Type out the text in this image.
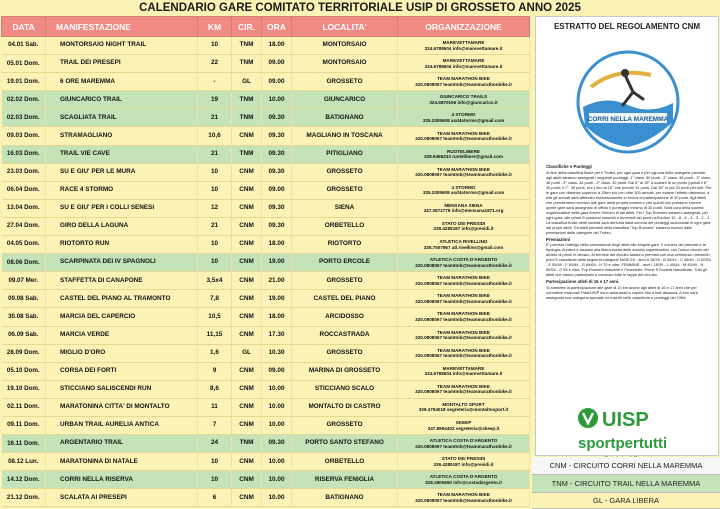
CALENDARIO GARE COMITATO TERRITORIALE USIP DI GROSSETO ANNO 2025
DATA	MANIFESTAZIONE	KM	CIR.	ORA	LOCALITA'	ORGANIZZAZIONE
04.01 Sab.	MONTORSAIO NIGHT TRAIL	10	TNM	18.00	MONTORSAIO	MAREVETTAMARE
334.6788604 info@marevettamare.it

05.01 Dom.	TRAIL DEI PRESEPI	22	TNM	09.00	MONTORSAIO	MAREVETTAMARE
334.6788604 info@marevettamare.it

19.01 Dom.	6 ORE MAREMMA	-	GL	09.00	GROSSETO	TEAM MARATHON BIKE
320.0808067 teamtmb@teammarathonbike.it

02.02 Dom.	GIUNCARICO TRAIL	19	TNM	10.00	GIUNCARICO	GIUNCARICO TRAILS
324.5870156 info@giuncarico.it

02.03 Dom.	SCAGLIATA TRAIL	21	TNM	09.30	BATIGNANO	4 STORMO
335.2005608 asd4stormo@gmail.com

09.03 Dom.	STRAMAGLIANO	10,6	CNM	09.30	MAGLIANO IN TOSCANA	TEAM MARATHON BIKE
320.0808067 teamtmb@teammarathonbike.it

16.03 Dom.	TRAIL VIE CAVE	21	TNM	09.30	PITIGLIANO	RUOTELIBERE
338.9495233 ruotelibere@gmail.com

23.03 Dom.	SU E GIU' PER LE MURA	10	CNM	09.30	GROSSETO	TEAM MARATHON BIKE
320.0808067 teamtmb@teammarathonbike.it

06.04 Dom.	RACE 4 STORMO	10	CNM	09.00	GROSSETO	4 STORMO
335.2005608 asd4stormo@gmail.com

13.04 Dom.	SU E GIU' PER I COLLI SENESI	12	CNM	09.30	SIENA	MENSANA SIENA
347.0872778 info@mensana1871.org

27.04 Dom.	GIRO DELLA LAGUNA	21	CNM	09.30	ORBETELLO	STATO DEI PRESIDI
339.4285187 info@presidi.it

04.05 Dom.	RIOTORTO RUN	10	CNM	18.00	RIOTORTO	ATLETICA RIVELLINO
335.7507867 atl.rivellino@gmail.com

08.06 Dom.	SCARPINATA DEI IV SPAGNOLI	10	CNM	19.00	PORTO ERCOLE	ATLETICA COSTA D'ARGENTO
320.0808067 teamtmb@teammarathonbike.it

09.07 Mer.	STAFFETTA DI CANAPONE	3,5x4	CNM	21.00	GROSSETO	TEAM MARATHON BIKE
320.0808067 teamtmb@teammarathonbike.it

09.08 Sab.	CASTEL DEL PIANO AL TRAMONTO	7,8	CNM	19.00	CASTEL DEL PIANO	TEAM MARATHON BIKE
320.0808067 teamtmb@teammarathonbike.it

30.08 Sab.	MARCIA DEL CAPERCIO	10,5	CNM	18.00	ARCIDOSSO	TEAM MARATHON BIKE
320.0808067 teamtmb@teammarathonbike.it

06.09 Sab.	MARCIA VERDE	11,15	CNM	17.30	ROCCASTRADA	TEAM MARATHON BIKE
320.0808067 teamtmb@teammarathonbike.it

28.09 Dom.	MIGLIO D'ORO	1,6	GL	10.30	GROSSETO	TEAM MARATHON BIKE
320.0808067 teamtmb@teammarathonbike.it

05.10 Dom.	CORSA DEI FORTI	9	CNM	09.00	MARINA DI GROSSETO	MAREVETTAMARE
334.6788604 info@marevettamare.it

19.10 Dom.	STICCIANO SALISCENDI RUN	8,6	CNM	10.00	STICCIANO SCALO	TEAM MARATHON BIKE
320.0808067 teamtmb@teammarathonbike.it

02.11 Dom.	MARATONINA CITTA' DI MONTALTO	11	CNM	10.00	MONTALTO DI CASTRO	MONTALTO SPORT
339.4794018 segreteria@montaltosport.it

09.11 Dom.	URBAN TRAIL AURELIA ANTICA	7	CNM	10.00	GROSSETO	SKEEP
347.8994402 segreteria@skeep.it

16.11 Dom.	ARGENTARIO TRAIL	24	TNM	09.30	PORTO SANTO STEFANO	ATLETICA COSTA D'ARGENTO
320.0808067 teamtmb@teammarathonbike.it

08.12 Lun.	MARATONINA DI NATALE	10	CNM	10.00	ORBETELLO	STATO DEI PRESIDI
339.4285187 info@presidi.it

14.12 Dom.	CORRI NELLA RISERVA	10	CNM	10.00	RISERVA FENIGLIA	ATLETICA COSTA D'ARGENTO
328.2900650 info@costadargento.it

21.12 Dom.	SCALATA AI PRESEPI	6	CNM	10.00	BATIGNANO	TEAM MARATHON BIKE
320.0808067 teamtmb@teammarathonbike.it
ESTRATTO DEL REGOLAMENTO CNM
CORRI NELLA MAREMMA
Classifiche e Punteggi

Al fine della classifica finale per il Trofeo, per ogni gara e per ognuna delle categorie previste, agli atleti saranno assegnati i seguenti punteggi: 1° class. 50 punti - 2° class. 48 punti - 3° class. 46 punti - 4° class. 44 punti - 5° class. 42 punti. Dal 6° al 15° a scalare di un punto (quindi il 6°, 40 punti; il 7°, 39 punti, ecc.) fino al 15° che prende 31 punti. Dal 16° in poi 30 punti per tutti. Per le gare con distanze superiori a 15km e/o con oltre 300 arrivati, per evitare l'effetto distorsivo, a tutti gli arrivati sarà attribuito esclusivamente in bonus di partecipazione di 30 punti. Agli atleti che prenderanno servizio alle gare della propria società e che quindi non potranno correre quelle gare sarà assegnato di ufficio il punteggio minimo di 30 punti. Sarà cura della società organizzatrice della gara fornire l'elenco di tali atleti. Per i Top Runners saranno assegnati, per ogni gara, alle prime 6 posizioni maschili e femminili dei punti nell'ordine 10 - 8 - 6 - 4 - 3 - 2 - 1. La classifica finale delle società sarà derivata dalla somma dei punteggi accumulati in ogni gara dai propri atleti. Gli atleti premiati nella classifica "Top Runners" saranno esclusi dalle premiazioni delle categorie del Trofeo.

Premiazioni

E' previsto l'obbligo della premiazione degli atleti alle singole gare. Il numero dei premiati e la tipologia di premi è lasciato alla libera scelta delle società organizzatrici, con l'unico vincolo del divieto di premi in denaro. Al termine del circuito saranno premiati con una cerimonia i presenti i primi 5 classificati delle seguenti categorie MASCHI - anni A 18/39 - B 40/44 - C 45/49 - D 50/54 - E 55/59 - F 60/64 - G 65/69 - H 70 e oltre. FEMMINE - anni I 18/39 - L 40/44 - M 45/49 - N 50/54 - O 55 e oltre. Top Runners maschile e Femminile. Prime 5 Società classificate. Tutti gli atleti che hanno partecipato e concluso tutte le tappe del circuito.

Partecipazione atleti di 16 e 17 anni.

Si ammette la partecipazione alle gare di 10 km anche agli atleti di 16 e 17 anni che per normative nazionali Fidal/UISP sono autorizzati a coprire fino a tale distanza. A loro sarà assegnata una categoria speciale ed inseriti nelle classifiche e punteggi del CNM.

UISP
sportpertutti
CNM - CIRCUITO CORRI NELLA MAREMMA
TNM - CIRCUITO TRAIL NELLA MAREMMA
GL - GARA LIBERA
